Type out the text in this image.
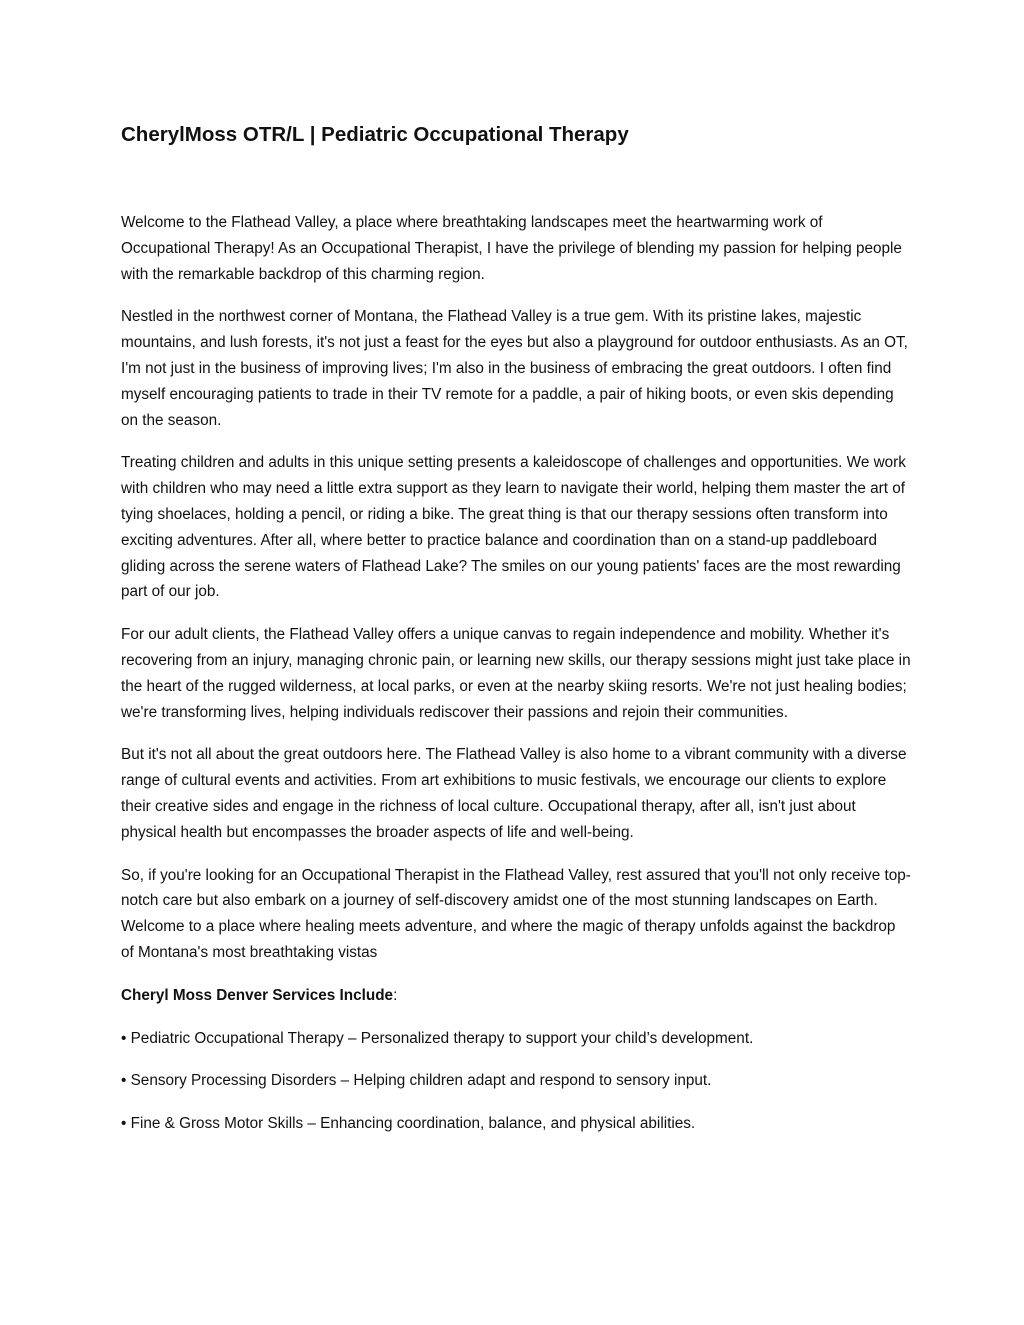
CherylMoss OTR/L | Pediatric Occupational Therapy

Welcome to the Flathead Valley, a place where breathtaking landscapes meet the heartwarming work of Occupational Therapy! As an Occupational Therapist, I have the privilege of blending my passion for helping people with the remarkable backdrop of this charming region.

Nestled in the northwest corner of Montana, the Flathead Valley is a true gem. With its pristine lakes, majestic mountains, and lush forests, it's not just a feast for the eyes but also a playground for outdoor enthusiasts. As an OT, I'm not just in the business of improving lives; I'm also in the business of embracing the great outdoors. I often find myself encouraging patients to trade in their TV remote for a paddle, a pair of hiking boots, or even skis depending on the season.

Treating children and adults in this unique setting presents a kaleidoscope of challenges and opportunities. We work with children who may need a little extra support as they learn to navigate their world, helping them master the art of tying shoelaces, holding a pencil, or riding a bike. The great thing is that our therapy sessions often transform into exciting adventures. After all, where better to practice balance and coordination than on a stand-up paddleboard gliding across the serene waters of Flathead Lake? The smiles on our young patients' faces are the most rewarding part of our job.

For our adult clients, the Flathead Valley offers a unique canvas to regain independence and mobility. Whether it's recovering from an injury, managing chronic pain, or learning new skills, our therapy sessions might just take place in the heart of the rugged wilderness, at local parks, or even at the nearby skiing resorts. We're not just healing bodies; we're transforming lives, helping individuals rediscover their passions and rejoin their communities.

But it's not all about the great outdoors here. The Flathead Valley is also home to a vibrant community with a diverse range of cultural events and activities. From art exhibitions to music festivals, we encourage our clients to explore their creative sides and engage in the richness of local culture. Occupational therapy, after all, isn't just about physical health but encompasses the broader aspects of life and well-being.

So, if you're looking for an Occupational Therapist in the Flathead Valley, rest assured that you'll not only receive top-notch care but also embark on a journey of self-discovery amidst one of the most stunning landscapes on Earth. Welcome to a place where healing meets adventure, and where the magic of therapy unfolds against the backdrop of Montana's most breathtaking vistas

Cheryl Moss Denver Services Include:

• Pediatric Occupational Therapy – Personalized therapy to support your child’s development.

• Sensory Processing Disorders – Helping children adapt and respond to sensory input.

• Fine & Gross Motor Skills – Enhancing coordination, balance, and physical abilities.
